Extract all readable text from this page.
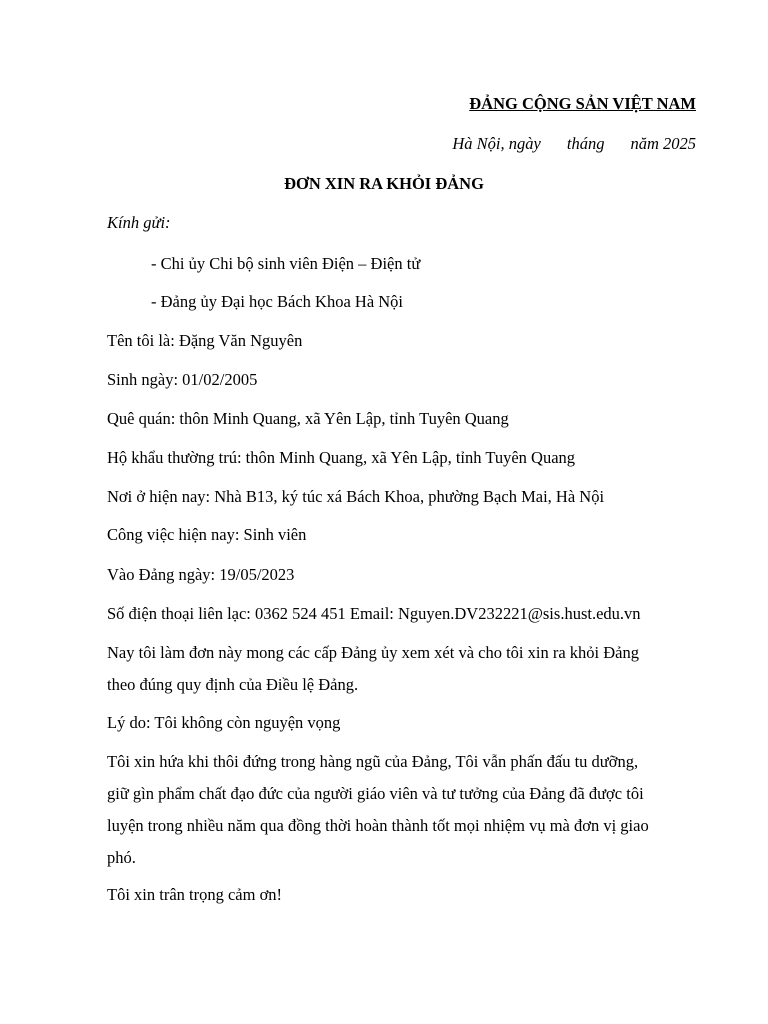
ĐẢNG CỘNG SẢN VIỆT NAM
Hà Nội, ngày tháng năm 2025
ĐƠN XIN RA KHỎI ĐẢNG
Kính gửi:
- Chi ủy Chi bộ sinh viên Điện – Điện tử
- Đảng ủy Đại học Bách Khoa Hà Nội
Tên tôi là: Đặng Văn Nguyên
Sinh ngày: 01/02/2005
Quê quán: thôn Minh Quang, xã Yên Lập, tỉnh Tuyên Quang
Hộ khẩu thường trú: thôn Minh Quang, xã Yên Lập, tỉnh Tuyên Quang
Nơi ở hiện nay: Nhà B13, ký túc xá Bách Khoa, phường Bạch Mai, Hà Nội
Công việc hiện nay: Sinh viên
Vào Đảng ngày: 19/05/2023
Số điện thoại liên lạc: 0362 524 451 Email: Nguyen.DV232221@sis.hust.edu.vn
Nay tôi làm đơn này mong các cấp Đảng ủy xem xét và cho tôi xin ra khỏi Đảng
theo đúng quy định của Điều lệ Đảng.
Lý do: Tôi không còn nguyện vọng
Tôi xin hứa khi thôi đứng trong hàng ngũ của Đảng, Tôi vẫn phấn đấu tu dưỡng,
giữ gìn phẩm chất đạo đức của người giáo viên và tư tưởng của Đảng đã được tôi
luyện trong nhiều năm qua đồng thời hoàn thành tốt mọi nhiệm vụ mà đơn vị giao
phó.
Tôi xin trân trọng cảm ơn!
